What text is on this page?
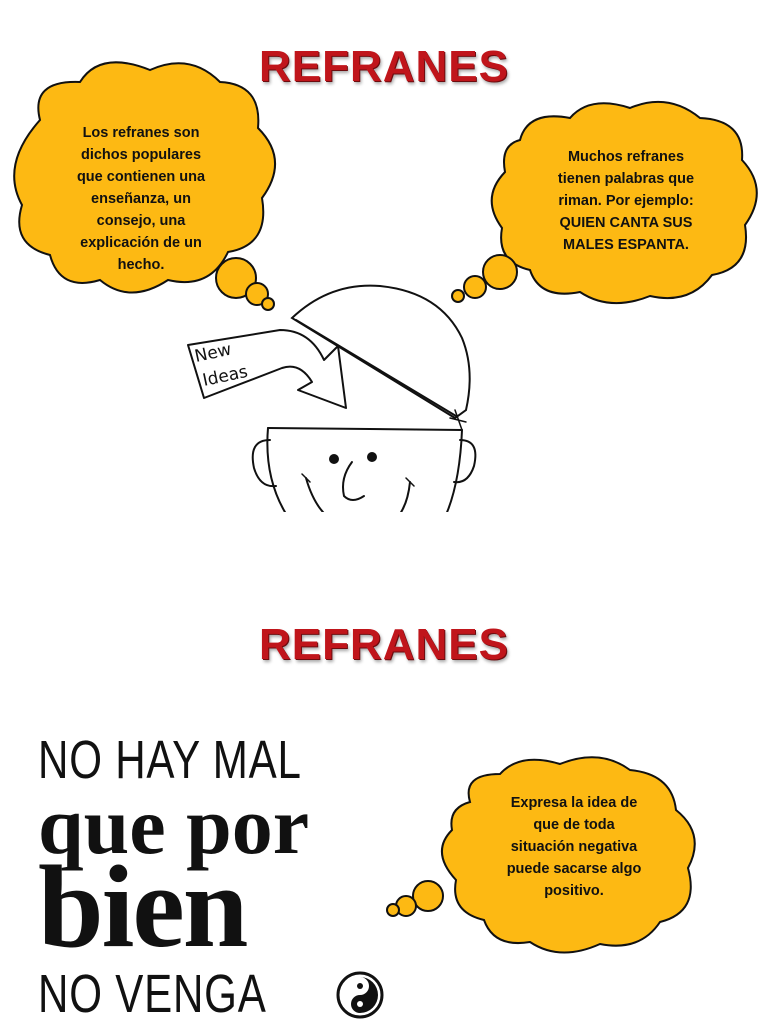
REFRANES
New
Ideas
Los refranes son
dichos populares
que contienen una
enseñanza, un
consejo, una
explicación de un
hecho.
Muchos refranes
tienen palabras que
riman. Por ejemplo:
QUIEN CANTA SUS
MALES ESPANTA.
REFRANES
NO HAY MAL
que por
bien
NO VENGA
Expresa la idea de
que de toda
situación negativa
puede sacarse algo
positivo.
